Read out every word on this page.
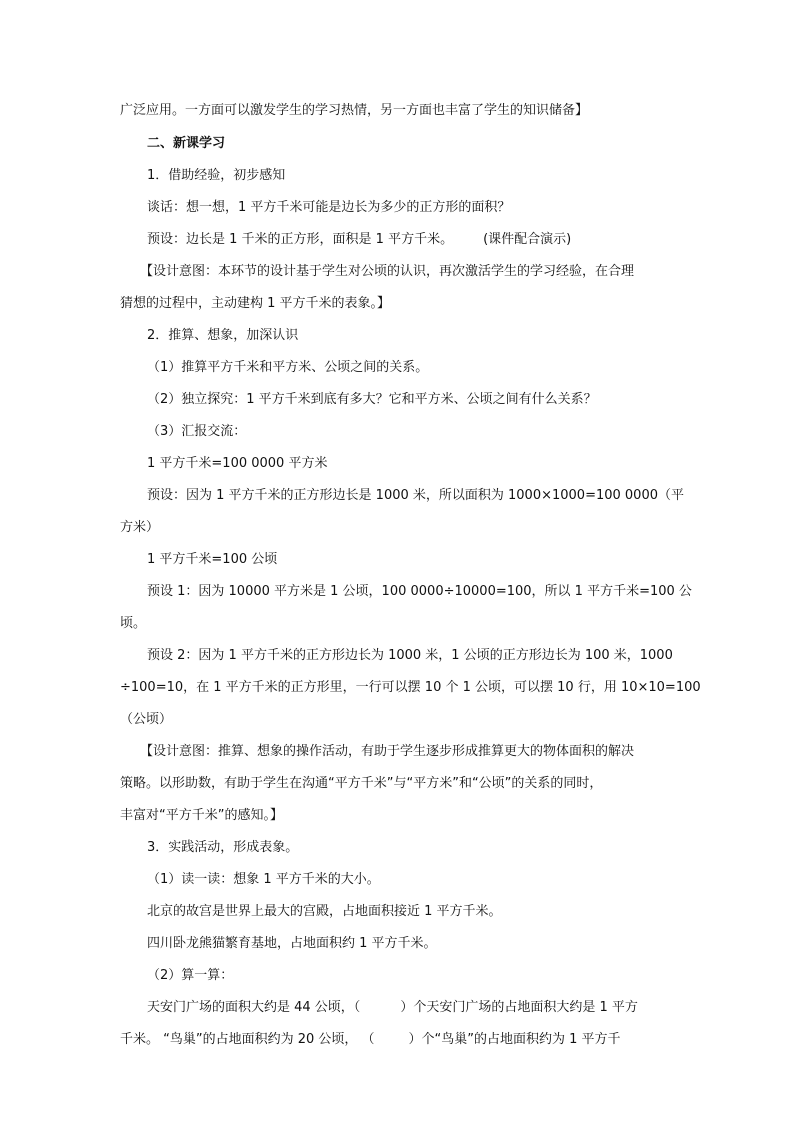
广泛应用。一方面可以激发学生的学习热情，另一方面也丰富了学生的知识储备】
二、新课学习
1．借助经验，初步感知
谈话：想一想，1 平方千米可能是边长为多少的正方形的面积？
预设：边长是 1 千米的正方形，面积是 1 平方千米。 (课件配合演示)
【设计意图：本环节的设计基于学生对公顷的认识，再次激活学生的学习经验，在合理
猜想的过程中，主动建构 1 平方千米的表象。】
2．推算、想象，加深认识
（1）推算平方千米和平方米、公顷之间的关系。
（2）独立探究：1 平方千米到底有多大？它和平方米、公顷之间有什么关系？
（3）汇报交流：
1 平方千米=100 0000 平方米
预设：因为 1 平方千米的正方形边长是 1000 米，所以面积为 1000×1000=100 0000（平
方米）
1 平方千米=100 公顷
预设 1：因为 10000 平方米是 1 公顷，100 0000÷10000=100，所以 1 平方千米=100 公
顷。
预设 2：因为 1 平方千米的正方形边长为 1000 米，1 公顷的正方形边长为 100 米，1000
÷100=10，在 1 平方千米的正方形里，一行可以摆 10 个 1 公顷，可以摆 10 行，用 10×10=100
（公顷）
【设计意图：推算、想象的操作活动，有助于学生逐步形成推算更大的物体面积的解决
策略。以形助数，有助于学生在沟通“平方千米”与“平方米”和“公顷”的关系的同时，
丰富对“平方千米”的感知。】
3．实践活动，形成表象。
（1）读一读：想象 1 平方千米的大小。
北京的故宫是世界上最大的宫殿，占地面积接近 1 平方千米。
四川卧龙熊猫繁育基地，占地面积约 1 平方千米。
（2）算一算：
天安门广场的面积大约是 44 公顷，（	）个天安门广场的占地面积大约是 1 平方
千米。 “鸟巢”的占地面积约为 20 公顷， （	）个“鸟巢”的占地面积约为 1 平方千
